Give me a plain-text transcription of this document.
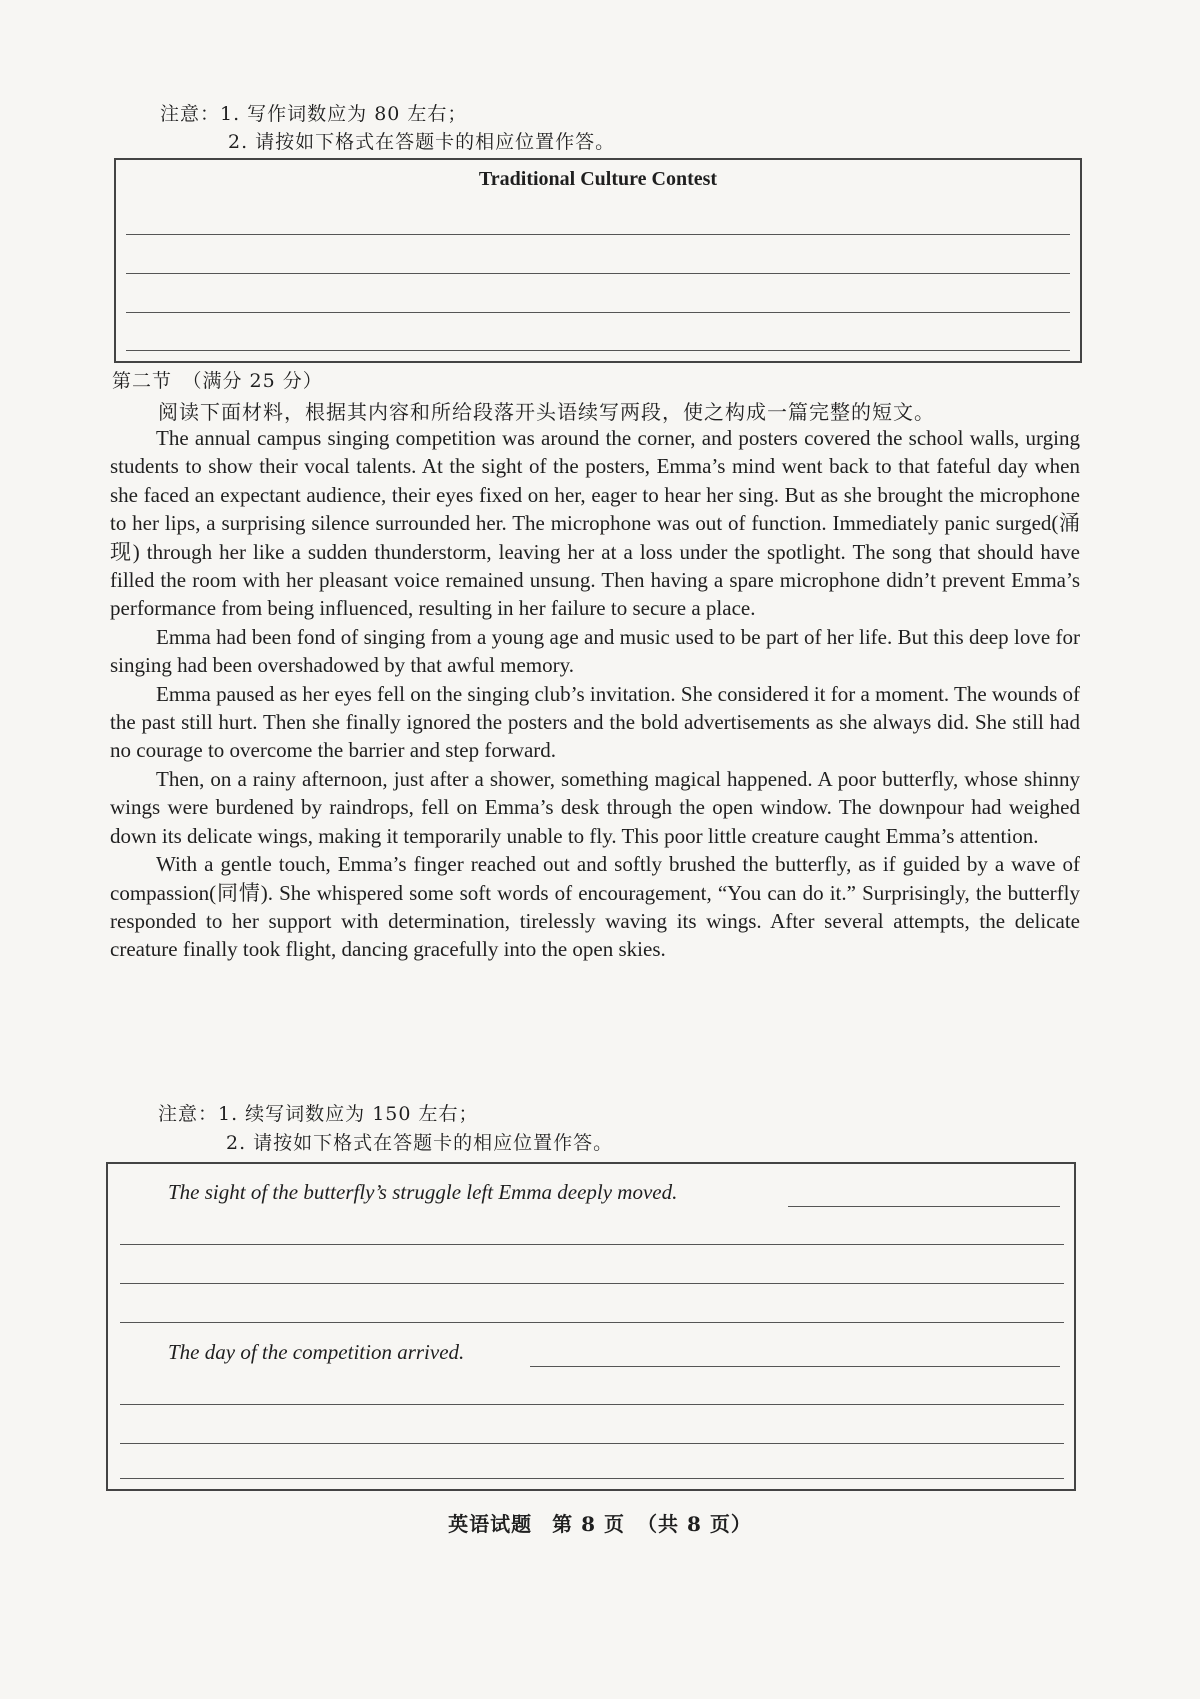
注意：1. 写作词数应为 80 左右；
2. 请按如下格式在答题卡的相应位置作答。
Traditional Culture Contest
第二节　（满分 25 分）
阅读下面材料，根据其内容和所给段落开头语续写两段，使之构成一篇完整的短文。

The annual campus singing competition was around the corner, and posters covered the school walls, urging students to show their vocal talents. At the sight of the posters, Emma’s mind went back to that fateful day when she faced an expectant audience, their eyes fixed on her, eager to hear her sing. But as she brought the microphone to her lips, a surprising silence surrounded her. The microphone was out of function. Immediately panic surged(涌现) through her like a sudden thunderstorm, leaving her at a loss under the spotlight. The song that should have filled the room with her pleasant voice remained unsung. Then having a spare microphone didn’t prevent Emma’s performance from being influenced, resulting in her failure to secure a place.

Emma had been fond of singing from a young age and music used to be part of her life. But this deep love for singing had been overshadowed by that awful memory.

Emma paused as her eyes fell on the singing club’s invitation. She considered it for a moment. The wounds of the past still hurt. Then she finally ignored the posters and the bold advertisements as she always did. She still had no courage to overcome the barrier and step forward.

Then, on a rainy afternoon, just after a shower, something magical happened. A poor butterfly, whose shinny wings were burdened by raindrops, fell on Emma’s desk through the open window. The downpour had weighed down its delicate wings, making it temporarily unable to fly. This poor little creature caught Emma’s attention.

With a gentle touch, Emma’s finger reached out and softly brushed the butterfly, as if guided by a wave of compassion(同情). She whispered some soft words of encouragement, “You can do it.” Surprisingly, the butterfly responded to her support with determination, tirelessly waving its wings. After several attempts, the delicate creature finally took flight, dancing gracefully into the open skies.

注意：1. 续写词数应为 150 左右；
2. 请按如下格式在答题卡的相应位置作答。
The sight of the butterfly’s struggle left Emma deeply moved.
The day of the competition arrived.
英语试题 第 8 页 （共 8 页）
